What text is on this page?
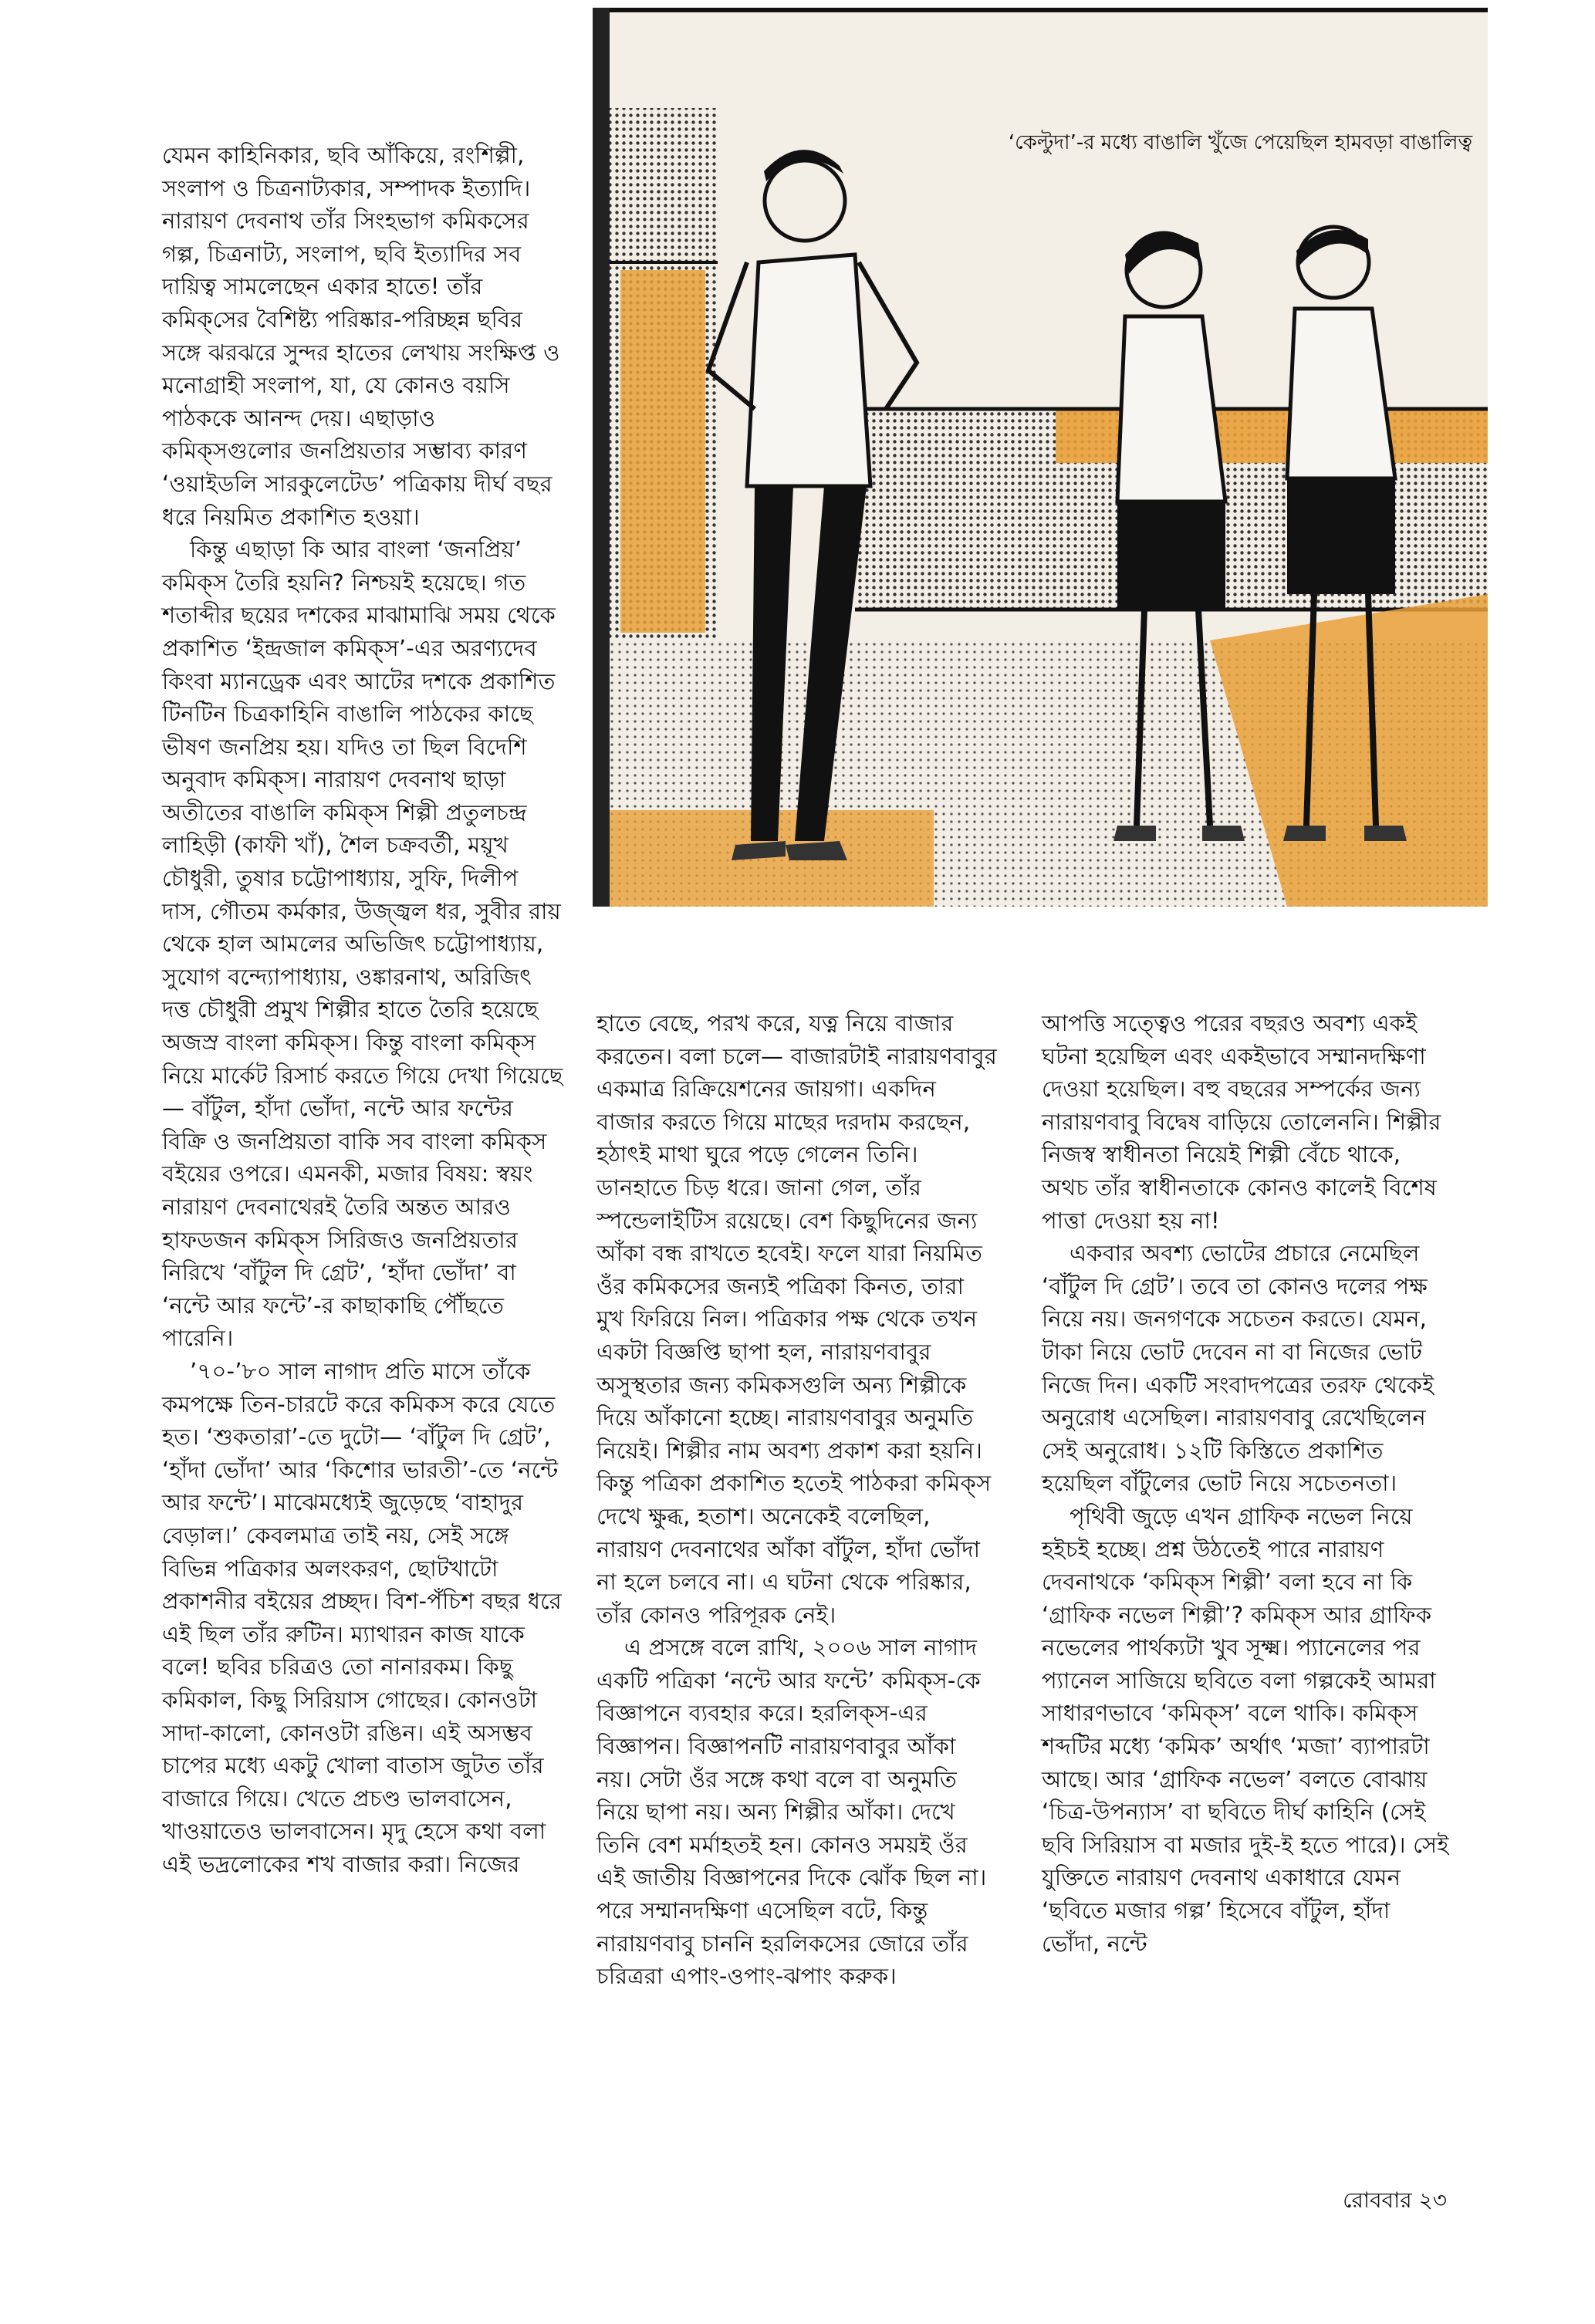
যেমন কাহিনিকার, ছবি আঁকিয়ে, রংশিল্পী, সংলাপ ও চিত্রনাট্যকার, সম্পাদক ইত্যাদি। নারায়ণ দেবনাথ তাঁর সিংহভাগ কমিকসের গল্প, চিত্রনাট্য, সংলাপ, ছবি ইত্যাদির সব দায়িত্ব সামলেছেন একার হাতে! তাঁর কমিক্‌সের বৈশিষ্ট্য পরিষ্কার-পরিচ্ছন্ন ছবির সঙ্গে ঝরঝরে সুন্দর হাতের লেখায় সংক্ষিপ্ত ও মনোগ্রাহী সংলাপ, যা, যে কোনও বয়সি পাঠককে আনন্দ দেয়। এছাড়াও কমিক্‌সগুলোর জনপ্রিয়তার সম্ভাব্য কারণ ‘ওয়াইডলি সারকুলেটেড’ পত্রিকায় দীর্ঘ বছর ধরে নিয়মিত প্রকাশিত হওয়া।

কিন্তু এছাড়া কি আর বাংলা ‘জনপ্রিয়’ কমিক্‌স তৈরি হয়নি? নিশ্চয়ই হয়েছে। গত শতাব্দীর ছয়ের দশকের মাঝামাঝি সময় থেকে প্রকাশিত ‘ইন্দ্রজাল কমিক্‌স’-এর অরণ্যদেব কিংবা ম্যানড্রেক এবং আটের দশকে প্রকাশিত টিনটিন চিত্রকাহিনি বাঙালি পাঠকের কাছে ভীষণ জনপ্রিয় হয়। যদিও তা ছিল বিদেশি অনুবাদ কমিক্‌স। নারায়ণ দেবনাথ ছাড়া অতীতের বাঙালি কমিক্‌স শিল্পী প্রতুলচন্দ্র লাহিড়ী (কাফী খাঁ), শৈল চক্রবর্তী, ময়ূখ চৌধুরী, তুষার চট্টোপাধ্যায়, সুফি, দিলীপ দাস, গৌতম কর্মকার, উজ্জ্বল ধর, সুবীর রায় থেকে হাল আমলের অভিজিৎ চট্টোপাধ্যায়, সুযোগ বন্দ্যোপাধ্যায়, ওঙ্কারনাথ, অরিজিৎ দত্ত চৌধুরী প্রমুখ শিল্পীর হাতে তৈরি হয়েছে অজস্র বাংলা কমিক্‌স। কিন্তু বাংলা কমিক্‌স নিয়ে মার্কেট রিসার্চ করতে গিয়ে দেখা গিয়েছে— বাঁটুল, হাঁদা ভোঁদা, নন্টে আর ফন্টের বিক্রি ও জনপ্রিয়তা বাকি সব বাংলা কমিক্‌স বইয়ের ওপরে। এমনকী, মজার বিষয়: স্বয়ং নারায়ণ দেবনাথেরই তৈরি অন্তত আরও হাফডজন কমিক্‌স সিরিজও জনপ্রিয়তার নিরিখে ‘বাঁটুল দি গ্রেট’, ‘হাঁদা ভোঁদা’ বা ‘নন্টে আর ফন্টে’-র কাছাকাছি পৌঁছতে পারেনি।

’৭০-’৮০ সাল নাগাদ প্রতি মাসে তাঁকে কমপক্ষে তিন-চারটে করে কমিকস করে যেতে হত। ‘শুকতারা’-তে দুটো— ‘বাঁটুল দি গ্রেট’, ‘হাঁদা ভোঁদা’ আর ‘কিশোর ভারতী’-তে ‘নন্টে আর ফন্টে’। মাঝেমধ্যেই জুড়েছে ‘বাহাদুর বেড়াল।’ কেবলমাত্র তাই নয়, সেই সঙ্গে বিভিন্ন পত্রিকার অলংকরণ, ছোটখাটো প্রকাশনীর বইয়ের প্রচ্ছদ। বিশ-পঁচিশ বছর ধরে এই ছিল তাঁর রুটিন। ম্যাথারন কাজ যাকে বলে! ছবির চরিত্রও তো নানারকম। কিছু কমিকাল, কিছু সিরিয়াস গোছের। কোনওটা সাদা-কালো, কোনওটা রঙিন। এই অসম্ভব চাপের মধ্যে একটু খোলা বাতাস জুটত তাঁর বাজারে গিয়ে। খেতে প্রচণ্ড ভালবাসেন, খাওয়াতেও ভালবাসেন। মৃদু হেসে কথা বলা এই ভদ্রলোকের শখ বাজার করা। নিজের

‘কেল্টুদা’-র মধ্যে বাঙালি খুঁজে পেয়েছিল হামবড়া বাঙালিত্ব

হাতে বেছে, পরখ করে, যত্ন নিয়ে বাজার করতেন। বলা চলে— বাজারটাই নারায়ণবাবুর একমাত্র রিক্রিয়েশনের জায়গা। একদিন বাজার করতে গিয়ে মাছের দরদাম করছেন, হঠাৎই মাথা ঘুরে পড়ে গেলেন তিনি। ডানহাতে চিড় ধরে। জানা গেল, তাঁর স্পন্ডেলাইটিস রয়েছে। বেশ কিছুদিনের জন্য আঁকা বন্ধ রাখতে হবেই। ফলে যারা নিয়মিত ওঁর কমিকসের জন্যই পত্রিকা কিনত, তারা মুখ ফিরিয়ে নিল। পত্রিকার পক্ষ থেকে তখন একটা বিজ্ঞপ্তি ছাপা হল, নারায়ণবাবুর অসুস্থতার জন্য কমিকসগুলি অন্য শিল্পীকে দিয়ে আঁকানো হচ্ছে। নারায়ণবাবুর অনুমতি নিয়েই। শিল্পীর নাম অবশ্য প্রকাশ করা হয়নি। কিন্তু পত্রিকা প্রকাশিত হতেই পাঠকরা কমিক্‌স দেখে ক্ষুব্ধ, হতাশ। অনেকেই বলেছিল, নারায়ণ দেবনাথের আঁকা বাঁটুল, হাঁদা ভোঁদা না হলে চলবে না। এ ঘটনা থেকে পরিষ্কার, তাঁর কোনও পরিপূরক নেই।

এ প্রসঙ্গে বলে রাখি, ২০০৬ সাল নাগাদ একটি পত্রিকা ‘নন্টে আর ফন্টে’ কমিক্‌স-কে বিজ্ঞাপনে ব্যবহার করে। হরলিক্‌স-এর বিজ্ঞাপন। বিজ্ঞাপনটি নারায়ণবাবুর আঁকা নয়। সেটা ওঁর সঙ্গে কথা বলে বা অনুমতি নিয়ে ছাপা নয়। অন্য শিল্পীর আঁকা। দেখে তিনি বেশ মর্মাহতই হন। কোনও সময়ই ওঁর এই জাতীয় বিজ্ঞাপনের দিকে ঝোঁক ছিল না। পরে সম্মানদক্ষিণা এসেছিল বটে, কিন্তু নারায়ণবাবু চাননি হরলিকসের জোরে তাঁর চরিত্ররা এপাং-ওপাং-ঝপাং করুক।

আপত্তি সত্ত্বেও পরের বছরও অবশ্য একই ঘটনা হয়েছিল এবং একইভাবে সম্মানদক্ষিণা দেওয়া হয়েছিল। বহু বছরের সম্পর্কের জন্য নারায়ণবাবু বিদ্বেষ বাড়িয়ে তোলেননি। শিল্পীর নিজস্ব স্বাধীনতা নিয়েই শিল্পী বেঁচে থাকে, অথচ তাঁর স্বাধীনতাকে কোনও কালেই বিশেষ পাত্তা দেওয়া হয় না!

একবার অবশ্য ভোটের প্রচারে নেমেছিল ‘বাঁটুল দি গ্রেট’। তবে তা কোনও দলের পক্ষ নিয়ে নয়। জনগণকে সচেতন করতে। যেমন, টাকা নিয়ে ভোট দেবেন না বা নিজের ভোট নিজে দিন। একটি সংবাদপত্রের তরফ থেকেই অনুরোধ এসেছিল। নারায়ণবাবু রেখেছিলেন সেই অনুরোধ। ১২টি কিস্তিতে প্রকাশিত হয়েছিল বাঁটুলের ভোট নিয়ে সচেতনতা।

পৃথিবী জুড়ে এখন গ্রাফিক নভেল নিয়ে হইচই হচ্ছে। প্রশ্ন উঠতেই পারে নারায়ণ দেবনাথকে ‘কমিক্‌স শিল্পী’ বলা হবে না কি ‘গ্রাফিক নভেল শিল্পী’? কমিক্‌স আর গ্রাফিক নভেলের পার্থক্যটা খুব সূক্ষ্ম। প্যানেলের পর প্যানেল সাজিয়ে ছবিতে বলা গল্পকেই আমরা সাধারণভাবে ‘কমিক্‌স’ বলে থাকি। কমিক্‌স শব্দটির মধ্যে ‘কমিক’ অর্থাৎ ‘মজা’ ব্যাপারটা আছে। আর ‘গ্রাফিক নভেল’ বলতে বোঝায় ‘চিত্র-উপন্যাস’ বা ছবিতে দীর্ঘ কাহিনি (সেই ছবি সিরিয়াস বা মজার দুই-ই হতে পারে)। সেই যুক্তিতে নারায়ণ দেবনাথ একাধারে যেমন ‘ছবিতে মজার গল্প’ হিসেবে বাঁটুল, হাঁদা ভোঁদা, নন্টে

রোববার ২৩
